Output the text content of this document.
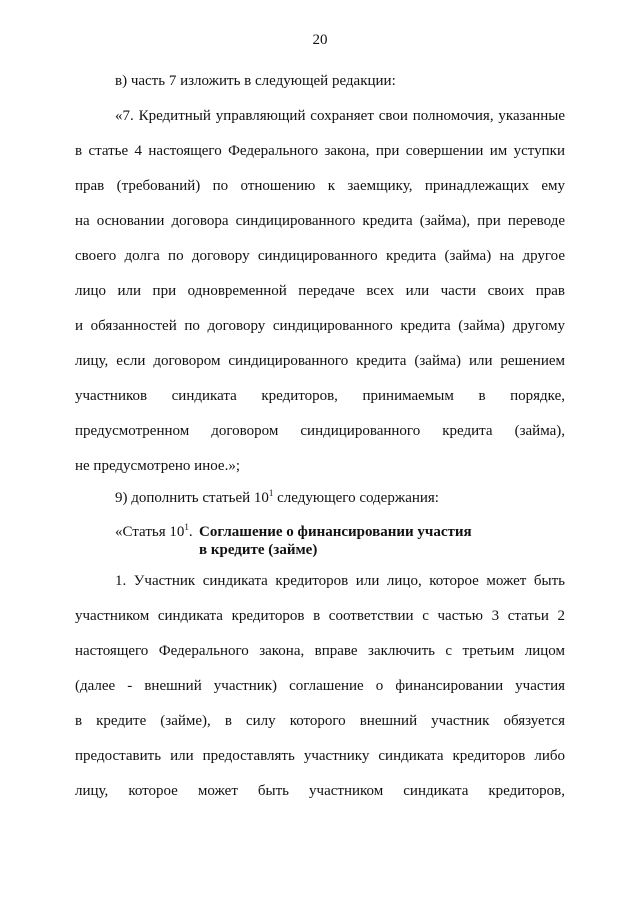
20
в) часть 7 изложить в следующей редакции:
«7. Кредитный управляющий сохраняет свои полномочия, указанные
в статье 4 настоящего Федерального закона, при совершении им уступки
прав (требований) по отношению к заемщику, принадлежащих ему
на основании договора синдицированного кредита (займа), при переводе
своего долга по договору синдицированного кредита (займа) на другое
лицо или при одновременной передаче всех или части своих прав
и обязанностей по договору синдицированного кредита (займа) другому
лицу, если договором синдицированного кредита (займа) или решением
участников синдиката кредиторов, принимаемым в порядке,
предусмотренном договором синдицированного кредита (займа),
не предусмотрено иное.»;
9) дополнить статьей $10^1$ следующего содержания:
«Статья $10^1$. Соглашение о финансировании участия
в кредите (займе)
1. Участник синдиката кредиторов или лицо, которое может быть
участником синдиката кредиторов в соответствии с частью 3 статьи 2
настоящего Федерального закона, вправе заключить с третьим лицом
(далее - внешний участник) соглашение о финансировании участия
в кредите (займе), в силу которого внешний участник обязуется
предоставить или предоставлять участнику синдиката кредиторов либо
лицу, которое может быть участником синдиката кредиторов,
